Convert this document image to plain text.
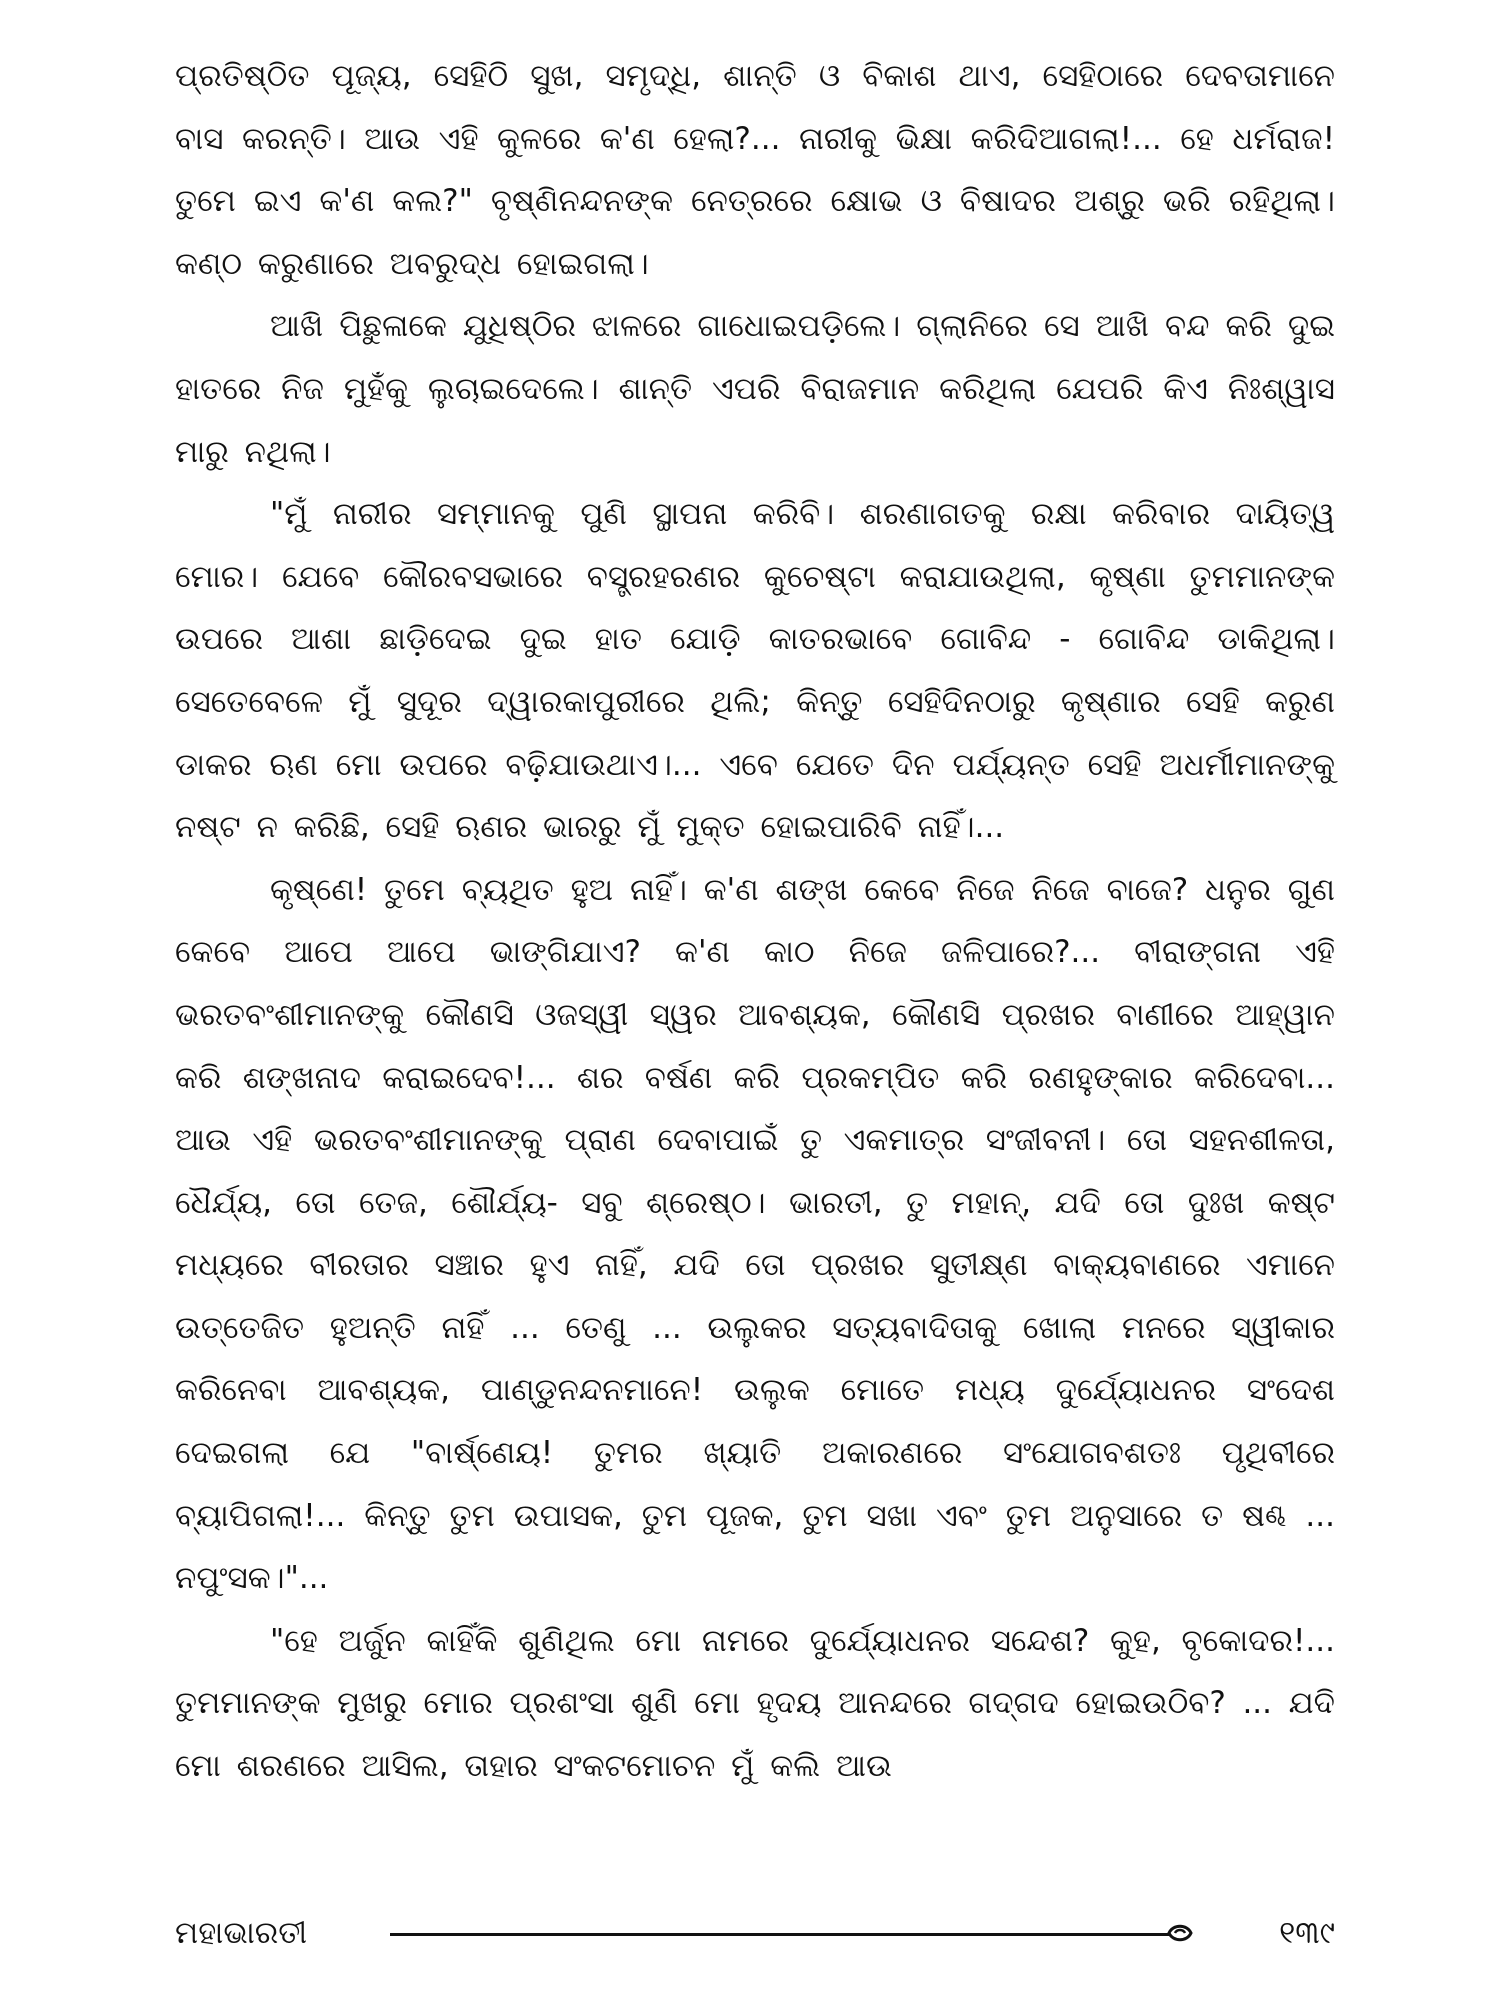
ପ୍ରତିଷ୍ଠିତ ପୂଜ୍ୟ, ସେହିଠି ସୁଖ, ସମୃଦ୍ଧି, ଶାନ୍ତି ଓ ବିକାଶ ଥାଏ, ସେହିଠାରେ ଦେବତାମାନେ ବାସ କରନ୍ତି। ଆଉ ଏହି କୁଳରେ କ'ଣ ହେଲା?... ନାରୀକୁ ଭିକ୍ଷା କରିଦିଆଗଲା!... ହେ ଧର୍ମରାଜ! ତୁମେ ଇଏ କ'ଣ କଲ?" ବୃଷ୍ଣିନନ୍ଦନଙ୍କ ନେତ୍ରରେ କ୍ଷୋଭ ଓ ବିଷାଦର ଅଶ୍ରୁ ଭରି ରହିଥିଲା। କଣ୍ଠ କରୁଣାରେ ଅବରୁଦ୍ଧ ହୋଇଗଲା।

ଆଖି ପିଛୁଳାକେ ଯୁଧିଷ୍ଠିର ଝାଳରେ ଗାଧୋଇପଡ଼ିଲେ। ଗ୍ଲାନିରେ ସେ ଆଖି ବନ୍ଦ କରି ଦୁଇ ହାତରେ ନିଜ ମୁହଁକୁ ଲୁଚାଇଦେଲେ। ଶାନ୍ତି ଏପରି ବିରାଜମାନ କରିଥିଲା ଯେପରି କିଏ ନିଃଶ୍ୱାସ ମାରୁ ନଥିଲା।

"ମୁଁ ନାରୀର ସମ୍ମାନକୁ ପୁଣି ସ୍ଥାପନା କରିବି। ଶରଣାଗତକୁ ରକ୍ଷା କରିବାର ଦାୟିତ୍ୱ ମୋର। ଯେବେ କୌରବସଭାରେ ବସ୍ତ୍ରହରଣର କୁଚେଷ୍ଟା କରାଯାଉଥିଲା, କୃଷ୍ଣା ତୁମମାନଙ୍କ ଉପରେ ଆଶା ଛାଡ଼ିଦେଇ ଦୁଇ ହାତ ଯୋଡ଼ି କାତରଭାବେ ଗୋବିନ୍ଦ - ଗୋବିନ୍ଦ ଡାକିଥିଲା। ସେତେବେଳେ ମୁଁ ସୁଦୂର ଦ୍ୱାରକାପୁରୀରେ ଥିଲି; କିନ୍ତୁ ସେହିଦିନଠାରୁ କୃଷ୍ଣାର ସେହି କରୁଣ ଡାକର ଋଣ ମୋ ଉପରେ ବଢ଼ିଯାଉଥାଏ।... ଏବେ ଯେତେ ଦିନ ପର୍ଯ୍ୟନ୍ତ ସେହି ଅଧର୍ମୀମାନଙ୍କୁ ନଷ୍ଟ ନ କରିଛି, ସେହି ଋଣର ଭାରରୁ ମୁଁ ମୁକ୍ତ ହୋଇପାରିବି ନାହିଁ।...

କୃଷ୍ଣେ! ତୁମେ ବ୍ୟଥିତ ହୁଅ ନାହିଁ। କ'ଣ ଶଙ୍ଖ କେବେ ନିଜେ ନିଜେ ବାଜେ? ଧନୁର ଗୁଣ କେବେ ଆପେ ଆପେ ଭାଙ୍ଗିଯାଏ? କ'ଣ କାଠ ନିଜେ ଜଳିପାରେ?... ବୀରାଙ୍ଗନା ଏହି ଭରତବଂଶୀମାନଙ୍କୁ କୌଣସି ଓଜସ୍ୱୀ ସ୍ୱର ଆବଶ୍ୟକ, କୌଣସି ପ୍ରଖର ବାଣୀରେ ଆହ୍ୱାନ କରି ଶଙ୍ଖନାଦ କରାଇଦେବ!... ଶର ବର୍ଷଣ କରି ପ୍ରକମ୍ପିତ କରି ରଣହୁଙ୍କାର କରିଦେବା... ଆଉ ଏହି ଭରତବଂଶୀମାନଙ୍କୁ ପ୍ରାଣ ଦେବାପାଇଁ ତୁ ଏକମାତ୍ର ସଂଜୀବନୀ। ତୋ ସହନଶୀଳତା, ଧୈର୍ଯ୍ୟ, ତୋ ତେଜ, ଶୌର୍ଯ୍ୟ- ସବୁ ଶ୍ରେଷ୍ଠ। ଭାରତୀ, ତୁ ମହାନ୍, ଯଦି ତୋ ଦୁଃଖ କଷ୍ଟ ମଧ୍ୟରେ ବୀରତାର ସଞ୍ଚାର ହୁଏ ନାହିଁ, ଯଦି ତୋ ପ୍ରଖର ସୁତୀକ୍ଷ୍ଣ ବାକ୍ୟବାଣରେ ଏମାନେ ଉତ୍ତେଜିତ ହୁଅନ୍ତି ନାହିଁ ... ତେଣୁ ... ଉଲୁକର ସତ୍ୟବାଦିତାକୁ ଖୋଲା ମନରେ ସ୍ୱୀକାର କରିନେବା ଆବଶ୍ୟକ, ପାଣ୍ଡୁନନ୍ଦନମାନେ! ଉଲୁକ ମୋତେ ମଧ୍ୟ ଦୁର୍ଯ୍ୟୋଧନର ସଂଦେଶ ଦେଇଗଲା ଯେ "ବାର୍ଷ୍ଣେୟ! ତୁମର ଖ୍ୟାତି ଅକାରଣରେ ସଂଯୋଗବଶତଃ ପୃଥିବୀରେ ବ୍ୟାପିଗଲା!... କିନ୍ତୁ ତୁମ ଉପାସକ, ତୁମ ପୂଜକ, ତୁମ ସଖା ଏବଂ ତୁମ ଅନୁସାରେ ତ ଷଣ୍ଢ ... ନପୁଂସକ।"...

"ହେ ଅର୍ଜୁନ କାହିଁକି ଶୁଣିଥିଲ ମୋ ନାମରେ ଦୁର୍ଯ୍ୟୋଧନର ସନ୍ଦେଶ? କୁହ, ବୃକୋଦର!... ତୁମମାନଙ୍କ ମୁଖରୁ ମୋର ପ୍ରଶଂସା ଶୁଣି ମୋ ହୃଦୟ ଆନନ୍ଦରେ ଗଦ୍‌ଗଦ ହୋଇଉଠିବ? ... ଯଦି ମୋ ଶରଣରେ ଆସିଲ, ତାହାର ସଂକଟମୋଚନ ମୁଁ କଲି ଆଉ

ମହାଭାରତୀ	୧୩୯
